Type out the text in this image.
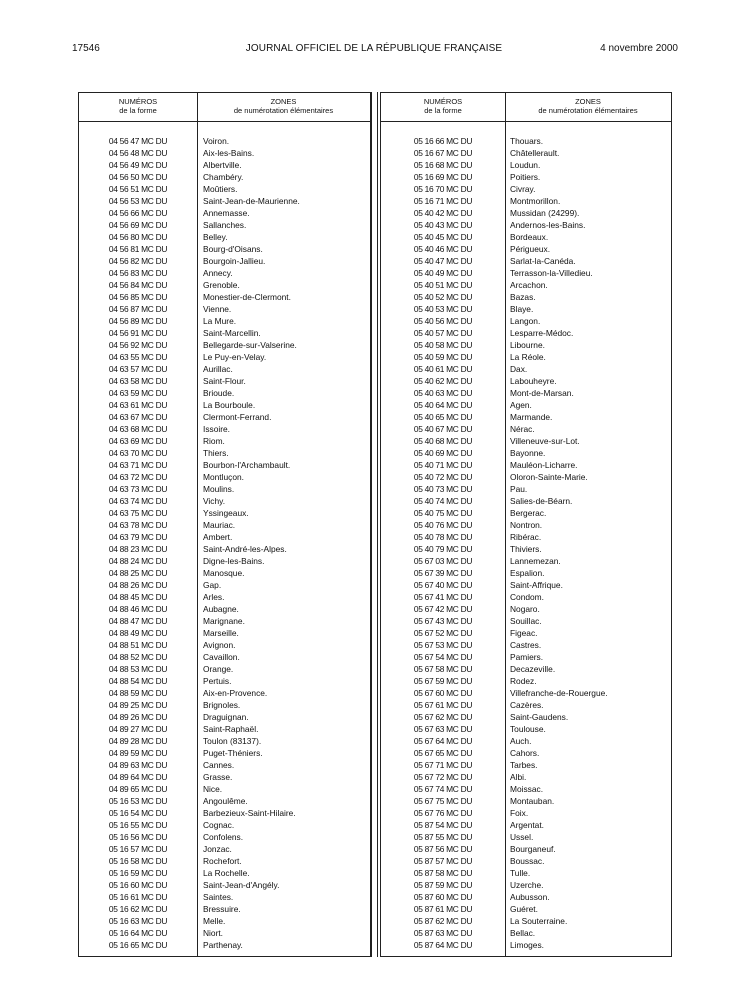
17546	JOURNAL OFFICIEL DE LA RÉPUBLIQUE FRANÇAISE	4 novembre 2000
NUMÉROS
de la forme
ZONES
de numérotation élémentaires
04 56 47 MC DU	Voiron.
04 56 48 MC DU	Aix-les-Bains.
04 56 49 MC DU	Albertville.
04 56 50 MC DU	Chambéry.
04 56 51 MC DU	Moûtiers.
04 56 53 MC DU	Saint-Jean-de-Maurienne.
04 56 66 MC DU	Annemasse.
04 56 69 MC DU	Sallanches.
04 56 80 MC DU	Belley.
04 56 81 MC DU	Bourg-d'Oisans.
04 56 82 MC DU	Bourgoin-Jallieu.
04 56 83 MC DU	Annecy.
04 56 84 MC DU	Grenoble.
04 56 85 MC DU	Monestier-de-Clermont.
04 56 87 MC DU	Vienne.
04 56 89 MC DU	La Mure.
04 56 91 MC DU	Saint-Marcellin.
04 56 92 MC DU	Bellegarde-sur-Valserine.
04 63 55 MC DU	Le Puy-en-Velay.
04 63 57 MC DU	Aurillac.
04 63 58 MC DU	Saint-Flour.
04 63 59 MC DU	Brioude.
04 63 61 MC DU	La Bourboule.
04 63 67 MC DU	Clermont-Ferrand.
04 63 68 MC DU	Issoire.
04 63 69 MC DU	Riom.
04 63 70 MC DU	Thiers.
04 63 71 MC DU	Bourbon-l'Archambault.
04 63 72 MC DU	Montluçon.
04 63 73 MC DU	Moulins.
04 63 74 MC DU	Vichy.
04 63 75 MC DU	Yssingeaux.
04 63 78 MC DU	Mauriac.
04 63 79 MC DU	Ambert.
04 88 23 MC DU	Saint-André-les-Alpes.
04 88 24 MC DU	Digne-les-Bains.
04 88 25 MC DU	Manosque.
04 88 26 MC DU	Gap.
04 88 45 MC DU	Arles.
04 88 46 MC DU	Aubagne.
04 88 47 MC DU	Marignane.
04 88 49 MC DU	Marseille.
04 88 51 MC DU	Avignon.
04 88 52 MC DU	Cavaillon.
04 88 53 MC DU	Orange.
04 88 54 MC DU	Pertuis.
04 88 59 MC DU	Aix-en-Provence.
04 89 25 MC DU	Brignoles.
04 89 26 MC DU	Draguignan.
04 89 27 MC DU	Saint-Raphaël.
04 89 28 MC DU	Toulon (83137).
04 89 59 MC DU	Puget-Théniers.
04 89 63 MC DU	Cannes.
04 89 64 MC DU	Grasse.
04 89 65 MC DU	Nice.
05 16 53 MC DU	Angoulême.
05 16 54 MC DU	Barbezieux-Saint-Hilaire.
05 16 55 MC DU	Cognac.
05 16 56 MC DU	Confolens.
05 16 57 MC DU	Jonzac.
05 16 58 MC DU	Rochefort.
05 16 59 MC DU	La Rochelle.
05 16 60 MC DU	Saint-Jean-d'Angély.
05 16 61 MC DU	Saintes.
05 16 62 MC DU	Bressuire.
05 16 63 MC DU	Melle.
05 16 64 MC DU	Niort.
05 16 65 MC DU	Parthenay.
NUMÉROS
de la forme
ZONES
de numérotation élémentaires
05 16 66 MC DU	Thouars.
05 16 67 MC DU	Châtellerault.
05 16 68 MC DU	Loudun.
05 16 69 MC DU	Poitiers.
05 16 70 MC DU	Civray.
05 16 71 MC DU	Montmorillon.
05 40 42 MC DU	Mussidan (24299).
05 40 43 MC DU	Andernos-les-Bains.
05 40 45 MC DU	Bordeaux.
05 40 46 MC DU	Périgueux.
05 40 47 MC DU	Sarlat-la-Canéda.
05 40 49 MC DU	Terrasson-la-Villedieu.
05 40 51 MC DU	Arcachon.
05 40 52 MC DU	Bazas.
05 40 53 MC DU	Blaye.
05 40 56 MC DU	Langon.
05 40 57 MC DU	Lesparre-Médoc.
05 40 58 MC DU	Libourne.
05 40 59 MC DU	La Réole.
05 40 61 MC DU	Dax.
05 40 62 MC DU	Labouheyre.
05 40 63 MC DU	Mont-de-Marsan.
05 40 64 MC DU	Agen.
05 40 65 MC DU	Marmande.
05 40 67 MC DU	Nérac.
05 40 68 MC DU	Villeneuve-sur-Lot.
05 40 69 MC DU	Bayonne.
05 40 71 MC DU	Mauléon-Licharre.
05 40 72 MC DU	Oloron-Sainte-Marie.
05 40 73 MC DU	Pau.
05 40 74 MC DU	Salies-de-Béarn.
05 40 75 MC DU	Bergerac.
05 40 76 MC DU	Nontron.
05 40 78 MC DU	Ribérac.
05 40 79 MC DU	Thiviers.
05 67 03 MC DU	Lannemezan.
05 67 39 MC DU	Espalion.
05 67 40 MC DU	Saint-Affrique.
05 67 41 MC DU	Condom.
05 67 42 MC DU	Nogaro.
05 67 43 MC DU	Souillac.
05 67 52 MC DU	Figeac.
05 67 53 MC DU	Castres.
05 67 54 MC DU	Pamiers.
05 67 58 MC DU	Decazeville.
05 67 59 MC DU	Rodez.
05 67 60 MC DU	Villefranche-de-Rouergue.
05 67 61 MC DU	Cazères.
05 67 62 MC DU	Saint-Gaudens.
05 67 63 MC DU	Toulouse.
05 67 64 MC DU	Auch.
05 67 65 MC DU	Cahors.
05 67 71 MC DU	Tarbes.
05 67 72 MC DU	Albi.
05 67 74 MC DU	Moissac.
05 67 75 MC DU	Montauban.
05 67 76 MC DU	Foix.
05 87 54 MC DU	Argentat.
05 87 55 MC DU	Ussel.
05 87 56 MC DU	Bourganeuf.
05 87 57 MC DU	Boussac.
05 87 58 MC DU	Tulle.
05 87 59 MC DU	Uzerche.
05 87 60 MC DU	Aubusson.
05 87 61 MC DU	Guéret.
05 87 62 MC DU	La Souterraine.
05 87 63 MC DU	Bellac.
05 87 64 MC DU	Limoges.
